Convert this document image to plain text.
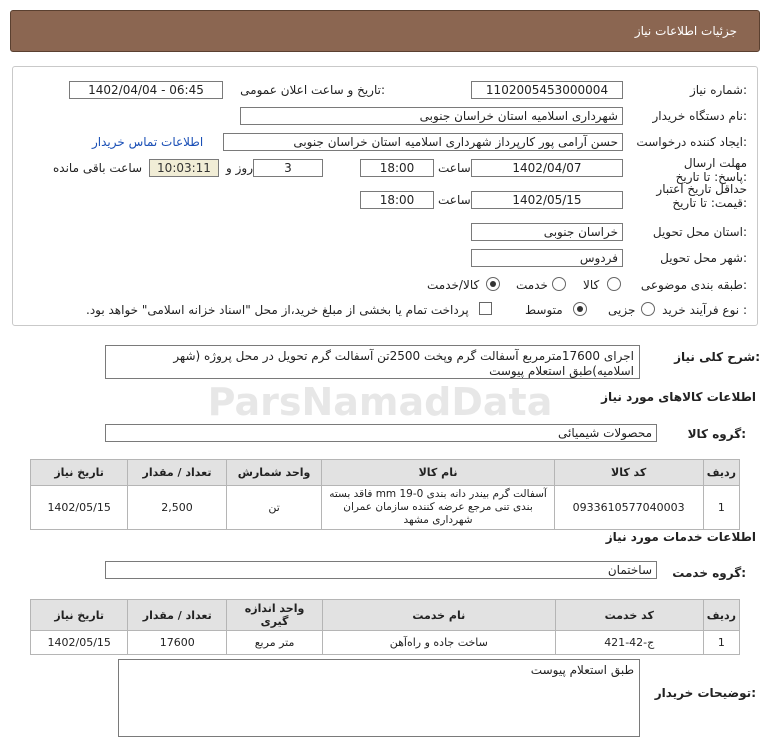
جزئیات اطلاعات نیاز
شماره نیاز:
1102005453000004
تاریخ و ساعت اعلان عمومی:
1402/04/04 - 06:45
نام دستگاه خریدار:
شهرداری اسلامیه استان خراسان جنوبی
ایجاد کننده درخواست:
حسن آرامی پور کارپرداز شهرداری اسلامیه استان خراسان جنوبی
اطلاعات تماس خریدار
مهلت ارسال پاسخ: تا تاریخ:
1402/04/07
ساعت
18:00
3
روز و
10:03:11
ساعت باقی مانده
حداقل تاریخ اعتبار قیمت: تا تاریخ:
1402/05/15
ساعت
18:00
استان محل تحویل:
خراسان جنوبی
شهر محل تحویل:
فردوس
طبقه بندی موضوعی:
کالا
خدمت
کالا/خدمت
نوع فرآیند خرید :
جزیی
متوسط
پرداخت تمام یا بخشی از مبلغ خرید،از محل "اسناد خزانه اسلامی" خواهد بود.
شرح کلی نیاز:
اجرای 17600مترمربع آسفالت گرم وپخت 2500تن آسفالت گرم تحویل در محل پروژه (شهر اسلامیه)طبق استعلام پیوست
ParsNamadData	اطلاعات کالاهای مورد نیاز
گروه کالا:
محصولات شیمیائی
تاریخ نیاز	تعداد / مقدار	واحد شمارش	نام کالا	کد کالا	ردیف
1402/05/15	2,500	تن	آسفالت گرم بیندر دانه بندی mm 19-0 فاقد بسته بندی تنی مرجع عرضه کننده سازمان عمران شهرداری مشهد	0933610577040003	1
اطلاعات خدمات مورد نیاز
گروه خدمت:
ساختمان
تاریخ نیاز	تعداد / مقدار	واحد اندازه گیری	نام خدمت	کد خدمت	ردیف
1402/05/15	17600	متر مربع	ساخت جاده و راه‌آهن	ج-42-421	1
توضیحات خریدار:
طبق استعلام پیوست
